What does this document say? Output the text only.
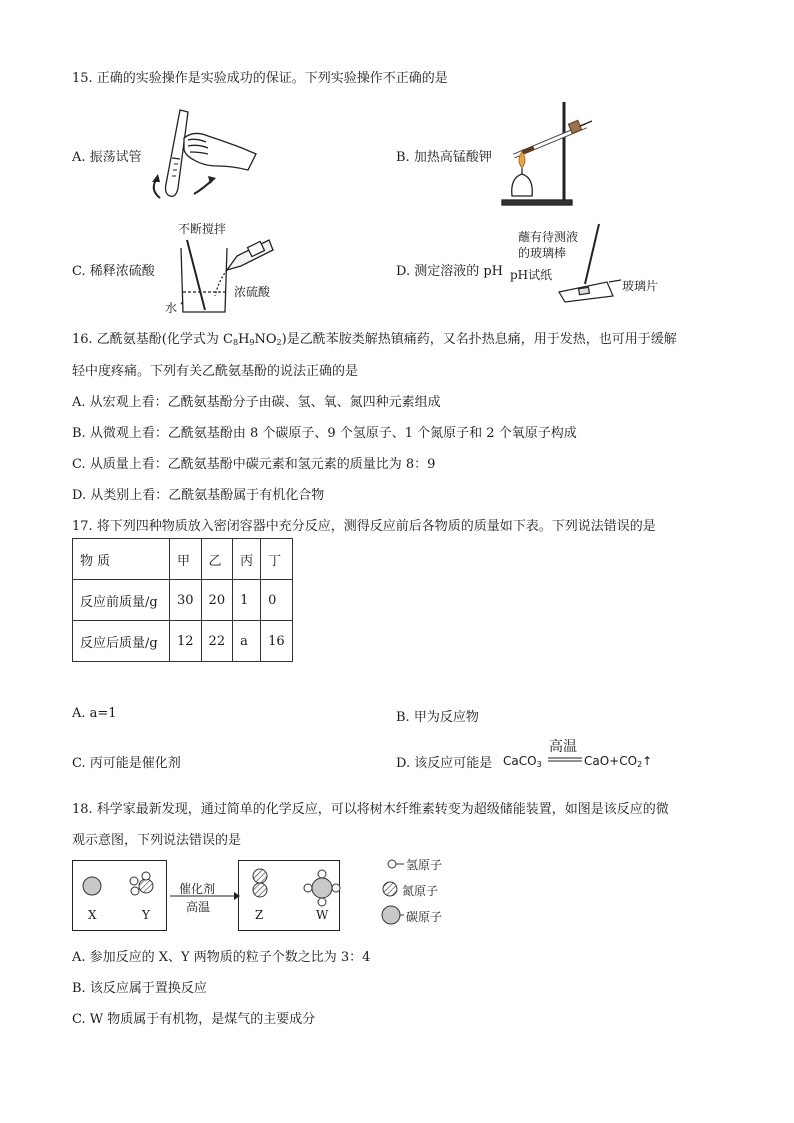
15. 正确的实验操作是实验成功的保证。下列实验操作不正确的是
A. 振荡试管	B. 加热高锰酸钾
C. 稀释浓硫酸	D. 测定溶液的 pH
不断搅拌
浓硫酸
水
蘸有待测液
的玻璃棒
pH试纸
玻璃片
16. 乙酰氨基酚(化学式为 $C_8H_9NO_2$)是乙酰苯胺类解热镇痛药，又名扑热息痛，用于发热，也可用于缓解
轻中度疼痛。下列有关乙酰氨基酚的说法正确的是
A. 从宏观上看：乙酰氨基酚分子由碳、氢、氧、氮四种元素组成
B. 从微观上看：乙酰氨基酚由 8 个碳原子、9 个氢原子、1 个氮原子和 2 个氧原子构成
C. 从质量上看：乙酰氨基酚中碳元素和氢元素的质量比为 8：9
D. 从类别上看：乙酰氨基酚属于有机化合物
17. 将下列四种物质放入密闭容器中充分反应，测得反应前后各物质的质量如下表。下列说法错误的是
物 质	甲	乙	丙	丁
反应前质量/g	30	20	1	0
反应后质量/g	12	22	a	16
A. a=1	B. 甲为反应物
C. 丙可能是催化剂	D. 该反应可能是 CaCO$_3$
高温
$CaO+CO_2↑$
18. 科学家最新发现，通过简单的化学反应，可以将树木纤维素转变为超级储能装置，如图是该反应的微
观示意图，下列说法错误的是
X	Y
催化剂
高温
Z	W
氢原子
氮原子
碳原子
A. 参加反应的 X、Y 两物质的粒子个数之比为 3：4
B. 该反应属于置换反应
C. W 物质属于有机物，是煤气的主要成分
